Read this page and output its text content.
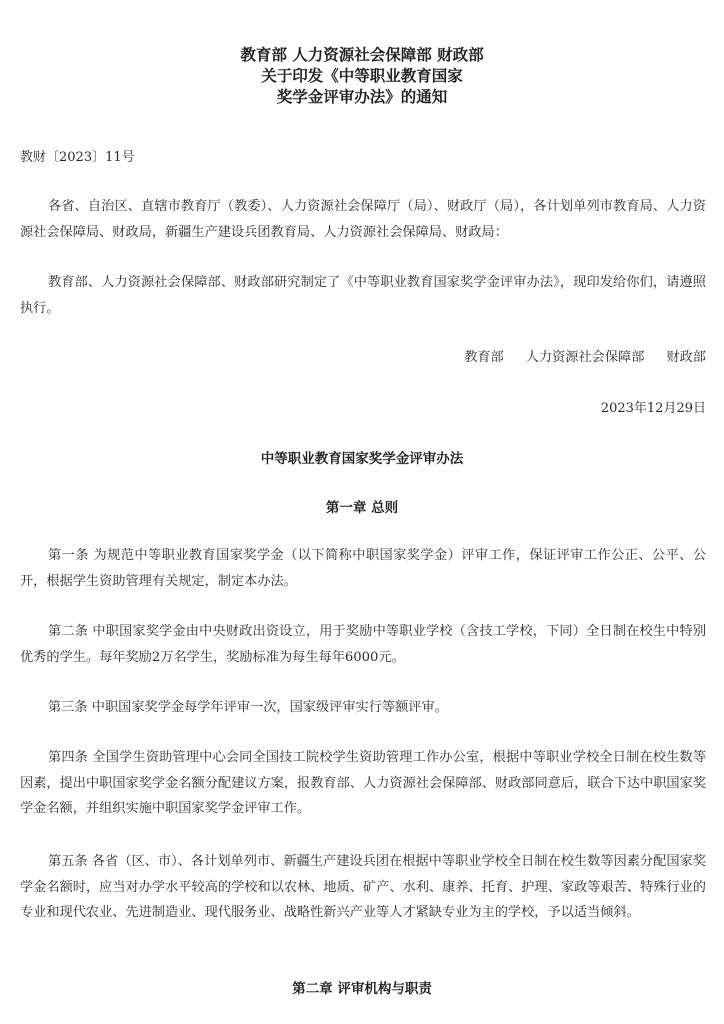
教育部 人力资源社会保障部 财政部
关于印发《中等职业教育国家
奖学金评审办法》的通知
教财〔2023〕11号

各省、自治区、直辖市教育厅（教委）、人力资源社会保障厅（局）、财政厅（局），各计划单列市教育局、人力资源社会保障局、财政局，新疆生产建设兵团教育局、人力资源社会保障局、财政局：

教育部、人力资源社会保障部、财政部研究制定了《中等职业教育国家奖学金评审办法》，现印发给你们，请遵照执行。

教育部 人力资源社会保障部 财政部
2023年12月29日
中等职业教育国家奖学金评审办法
第一章 总则

第一条 为规范中等职业教育国家奖学金（以下简称中职国家奖学金）评审工作，保证评审工作公正、公平、公开，根据学生资助管理有关规定，制定本办法。

第二条 中职国家奖学金由中央财政出资设立，用于奖励中等职业学校（含技工学校，下同）全日制在校生中特别优秀的学生。每年奖励2万名学生，奖励标准为每生每年6000元。

第三条 中职国家奖学金每学年评审一次，国家级评审实行等额评审。

第四条 全国学生资助管理中心会同全国技工院校学生资助管理工作办公室，根据中等职业学校全日制在校生数等因素，提出中职国家奖学金名额分配建议方案，报教育部、人力资源社会保障部、财政部同意后，联合下达中职国家奖学金名额，并组织实施中职国家奖学金评审工作。

第五条 各省（区、市）、各计划单列市、新疆生产建设兵团在根据中等职业学校全日制在校生数等因素分配国家奖学金名额时，应当对办学水平较高的学校和以农林、地质、矿产、水利、康养、托育、护理、家政等艰苦、特殊行业的专业和现代农业、先进制造业、现代服务业、战略性新兴产业等人才紧缺专业为主的学校，予以适当倾斜。

第二章 评审机构与职责
